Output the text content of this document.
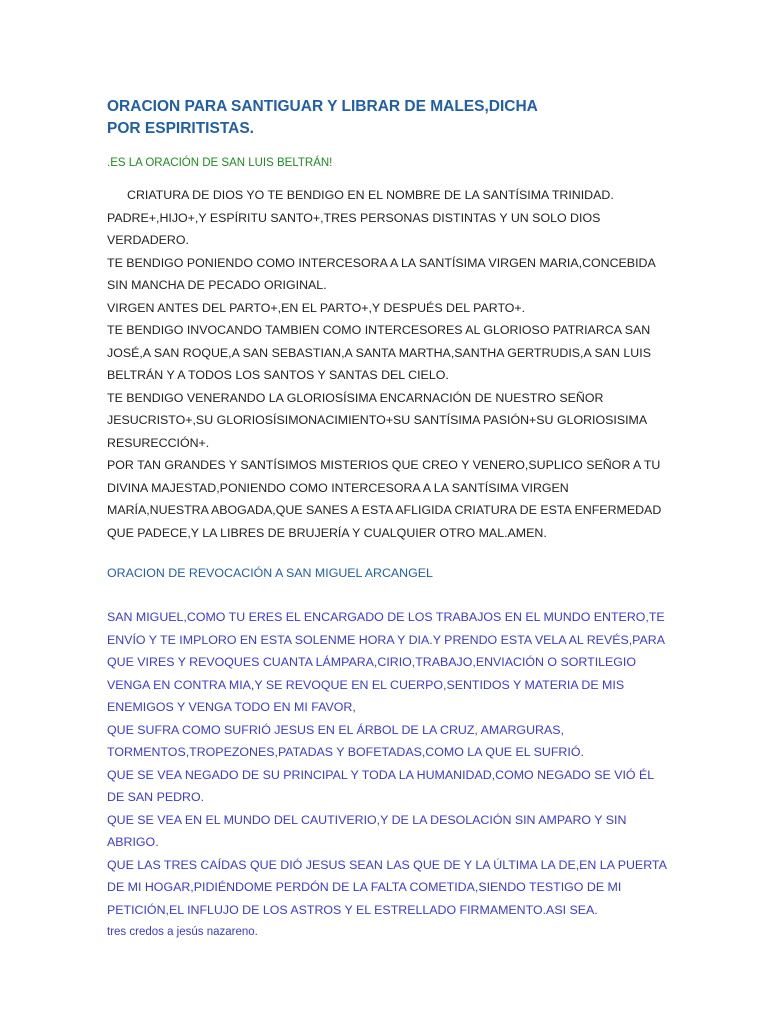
ORACION PARA SANTIGUAR Y LIBRAR DE MALES,DICHA
POR ESPIRITISTAS.

.ES LA ORACIÓN DE SAN LUIS BELTRÁN!

CRIATURA DE DIOS YO TE BENDIGO EN EL NOMBRE DE LA SANTÍSIMA TRINIDAD.

PADRE+,HIJO+,Y ESPÍRITU SANTO+,TRES PERSONAS DISTINTAS Y UN SOLO DIOS VERDADERO.

TE BENDIGO PONIENDO COMO INTERCESORA A LA SANTÍSIMA VIRGEN MARIA,CONCEBIDA SIN MANCHA DE PECADO ORIGINAL.

VIRGEN ANTES DEL PARTO+,EN EL PARTO+,Y DESPUÉS DEL PARTO+.

TE BENDIGO INVOCANDO TAMBIEN COMO INTERCESORES AL GLORIOSO PATRIARCA SAN JOSÉ,A SAN ROQUE,A SAN SEBASTIAN,A SANTA MARTHA,SANTHA GERTRUDIS,A SAN LUIS BELTRÁN Y A TODOS LOS SANTOS Y SANTAS DEL CIELO.

TE BENDIGO VENERANDO LA GLORIOSÍSIMA ENCARNACIÓN DE NUESTRO SEÑOR JESUCRISTO+,SU GLORIOSÍSIMONACIMIENTO+SU SANTÍSIMA PASIÓN+SU GLORIOSISIMA RESURECCIÓN+.

POR TAN GRANDES Y SANTÍSIMOS MISTERIOS QUE CREO Y VENERO,SUPLICO SEÑOR A TU DIVINA MAJESTAD,PONIENDO COMO INTERCESORA A LA SANTÍSIMA VIRGEN MARÍA,NUESTRA ABOGADA,QUE SANES A ESTA AFLIGIDA CRIATURA DE ESTA ENFERMEDAD QUE PADECE,Y LA LIBRES DE BRUJERÍA Y CUALQUIER OTRO MAL.AMEN.

ORACION DE REVOCACIÓN A SAN MIGUEL ARCANGEL

SAN MIGUEL,COMO TU ERES EL ENCARGADO DE LOS TRABAJOS EN EL MUNDO ENTERO,TE ENVÍO Y TE IMPLORO EN ESTA SOLENME HORA Y DIA.Y PRENDO ESTA VELA AL REVÉS,PARA QUE VIRES Y REVOQUES CUANTA LÁMPARA,CIRIO,TRABAJO,ENVIACIÓN O SORTILEGIO VENGA EN CONTRA MIA,Y SE REVOQUE EN EL CUERPO,SENTIDOS Y MATERIA DE MIS ENEMIGOS Y VENGA TODO EN MI FAVOR,

QUE SUFRA COMO SUFRIÓ JESUS EN EL ÁRBOL DE LA CRUZ, AMARGURAS, TORMENTOS,TROPEZONES,PATADAS Y BOFETADAS,COMO LA QUE EL SUFRIÓ.

QUE SE VEA NEGADO DE SU PRINCIPAL Y TODA LA HUMANIDAD,COMO NEGADO SE VIÓ ÉL DE SAN PEDRO.

QUE SE VEA EN EL MUNDO DEL CAUTIVERIO,Y DE LA DESOLACIÓN SIN AMPARO Y SIN ABRIGO.

QUE LAS TRES CAÍDAS QUE DIÓ JESUS SEAN LAS QUE DE Y LA ÚLTIMA LA DE,EN LA PUERTA DE MI HOGAR,PIDIÉNDOME PERDÓN DE LA FALTA COMETIDA,SIENDO TESTIGO DE MI PETICIÓN,EL INFLUJO DE LOS ASTROS Y EL ESTRELLADO FIRMAMENTO.ASI SEA.

tres credos a jesús nazareno.
